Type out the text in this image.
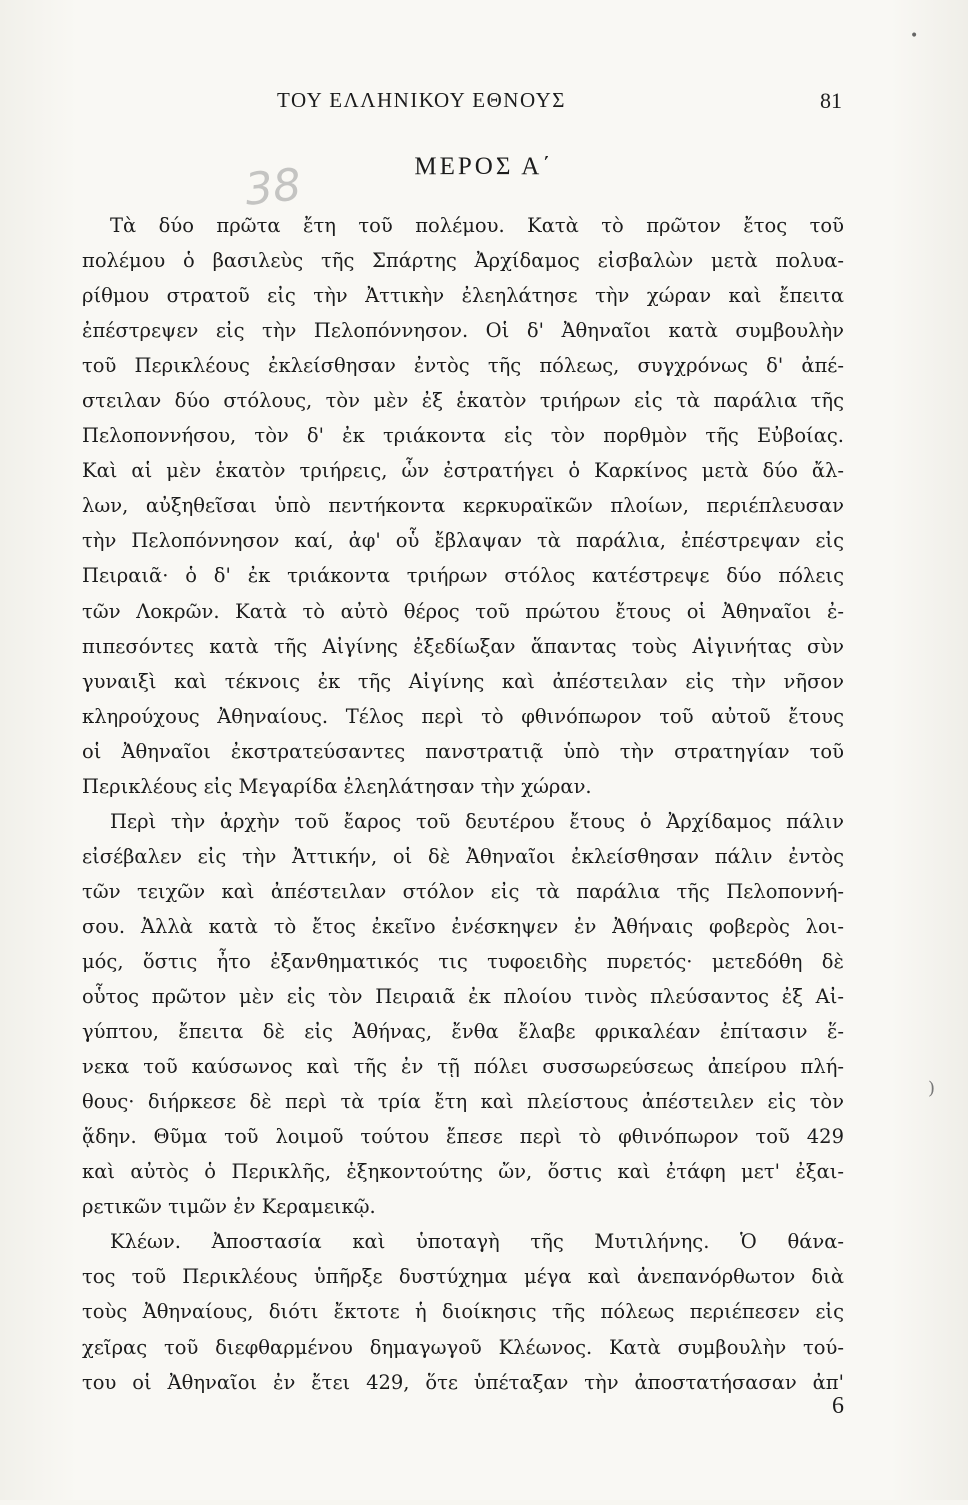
•
ΤΟΥ ΕΛΛΗΝΙΚΟΥ ΕΘΝΟΥΣ	81
ΜΕΡΟΣ Α΄
38
Τὰ δύο πρῶτα ἔτη τοῦ πολέμου. Κατὰ τὸ πρῶτον ἔτος τοῦ
πολέμου ὁ βασιλεὺς τῆς Σπάρτης Ἀρχίδαμος εἰσβαλὼν μετὰ πολυα-
ρίθμου στρατοῦ εἰς τὴν Ἀττικὴν ἐλεηλάτησε τὴν χώραν καὶ ἔπειτα
ἐπέστρεψεν εἰς τὴν Πελοπόννησον. Οἱ δ' Ἀθηναῖοι κατὰ συμβουλὴν
τοῦ Περικλέους ἐκλείσθησαν ἐντὸς τῆς πόλεως, συγχρόνως δ' ἀπέ-
στειλαν δύο στόλους, τὸν μὲν ἐξ ἑκατὸν τριήρων εἰς τὰ παράλια τῆς
Πελοποννήσου, τὸν δ' ἐκ τριάκοντα εἰς τὸν πορθμὸν τῆς Εὐβοίας.
Καὶ αἱ μὲν ἑκατὸν τριήρεις, ὧν ἐστρατήγει ὁ Καρκίνος μετὰ δύο ἄλ-
λων, αὐξηθεῖσαι ὑπὸ πεντήκοντα κερκυραϊκῶν πλοίων, περιέπλευσαν
τὴν Πελοπόννησον καί, ἀφ' οὗ ἔβλαψαν τὰ παράλια, ἐπέστρεψαν εἰς
Πειραιᾶ· ὁ δ' ἐκ τριάκοντα τριήρων στόλος κατέστρεψε δύο πόλεις
τῶν Λοκρῶν. Κατὰ τὸ αὐτὸ θέρος τοῦ πρώτου ἔτους οἱ Ἀθηναῖοι ἐ-
πιπεσόντες κατὰ τῆς Αἰγίνης ἐξεδίωξαν ἅπαντας τοὺς Αἰγινήτας σὺν
γυναιξὶ καὶ τέκνοις ἐκ τῆς Αἰγίνης καὶ ἀπέστειλαν εἰς τὴν νῆσον
κληρούχους Ἀθηναίους. Τέλος περὶ τὸ φθινόπωρον τοῦ αὐτοῦ ἔτους
οἱ Ἀθηναῖοι ἐκστρατεύσαντες πανστρατιᾷ ὑπὸ τὴν στρατηγίαν τοῦ
Περικλέους εἰς Μεγαρίδα ἐλεηλάτησαν τὴν χώραν.
Περὶ τὴν ἀρχὴν τοῦ ἔαρος τοῦ δευτέρου ἔτους ὁ Ἀρχίδαμος πάλιν
εἰσέβαλεν εἰς τὴν Ἀττικήν, οἱ δὲ Ἀθηναῖοι ἐκλείσθησαν πάλιν ἐντὸς
τῶν τειχῶν καὶ ἀπέστειλαν στόλον εἰς τὰ παράλια τῆς Πελοποννή-
σου. Ἀλλὰ κατὰ τὸ ἔτος ἐκεῖνο ἐνέσκηψεν ἐν Ἀθήναις φοβερὸς λοι-
μός, ὅστις ἦτο ἐξανθηματικός τις τυφοειδὴς πυρετός· μετεδόθη δὲ
οὗτος πρῶτον μὲν εἰς τὸν Πειραιᾶ ἐκ πλοίου τινὸς πλεύσαντος ἐξ Αἰ-
γύπτου, ἔπειτα δὲ εἰς Ἀθήνας, ἔνθα ἔλαβε φρικαλέαν ἐπίτασιν ἕ-
νεκα τοῦ καύσωνος καὶ τῆς ἐν τῇ πόλει συσσωρεύσεως ἀπείρου πλή-
θους· διήρκεσε δὲ περὶ τὰ τρία ἔτη καὶ πλείστους ἀπέστειλεν εἰς τὸν
ᾅδην. Θῦμα τοῦ λοιμοῦ τούτου ἔπεσε περὶ τὸ φθινόπωρον τοῦ 429
καὶ αὐτὸς ὁ Περικλῆς, ἑξηκοντούτης ὤν, ὅστις καὶ ἐτάφη μετ' ἐξαι-
ρετικῶν τιμῶν ἐν Κεραμεικῷ.
Κλέων. Ἀποστασία καὶ ὑποταγὴ τῆς Μυτιλήνης. Ὁ θάνα-
τος τοῦ Περικλέους ὑπῆρξε δυστύχημα μέγα καὶ ἀνεπανόρθωτον διὰ
τοὺς Ἀθηναίους, διότι ἔκτοτε ἡ διοίκησις τῆς πόλεως περιέπεσεν εἰς
χεῖρας τοῦ διεφθαρμένου δημαγωγοῦ Κλέωνος. Κατὰ συμβουλὴν τού-
του οἱ Ἀθηναῖοι ἐν ἔτει 429, ὅτε ὑπέταξαν τὴν ἀποστατήσασαν ἀπ'
)
6
